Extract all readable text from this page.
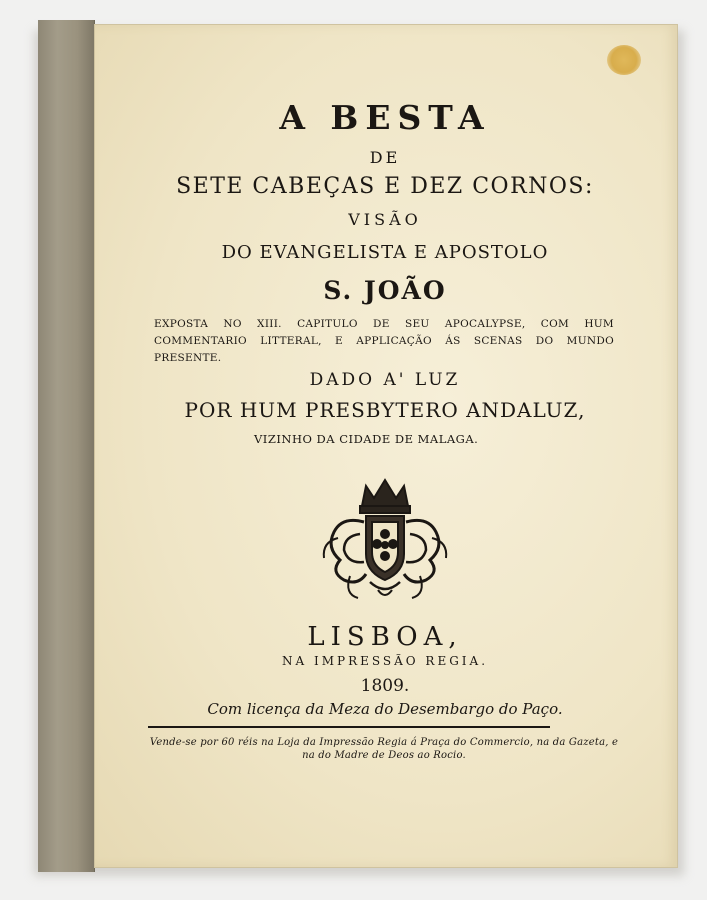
A BESTA
DE
SETE CABEÇAS E DEZ CORNOS:
VISÃO
DO EVANGELISTA E APOSTOLO
S. JOÃO
EXPOSTA NO XIII. CAPITULO DE SEU APOCALYPSE, COM HUM COMMENTARIO LITTERAL, E APPLICAÇÃO ÁS SCENAS DO MUNDO PRESENTE.
DADO A' LUZ
POR HUM PRESBYTERO ANDALUZ,
VIZINHO DA CIDADE DE MALAGA.
LISBOA,
NA IMPRESSÃO REGIA.
1809.
Com licença da Meza do Desembargo do Paço.
Vende-se por 60 réis na Loja da Impressão Regia á Praça do Commercio, na da Gazeta, e na do Madre de Deos ao Rocio.
